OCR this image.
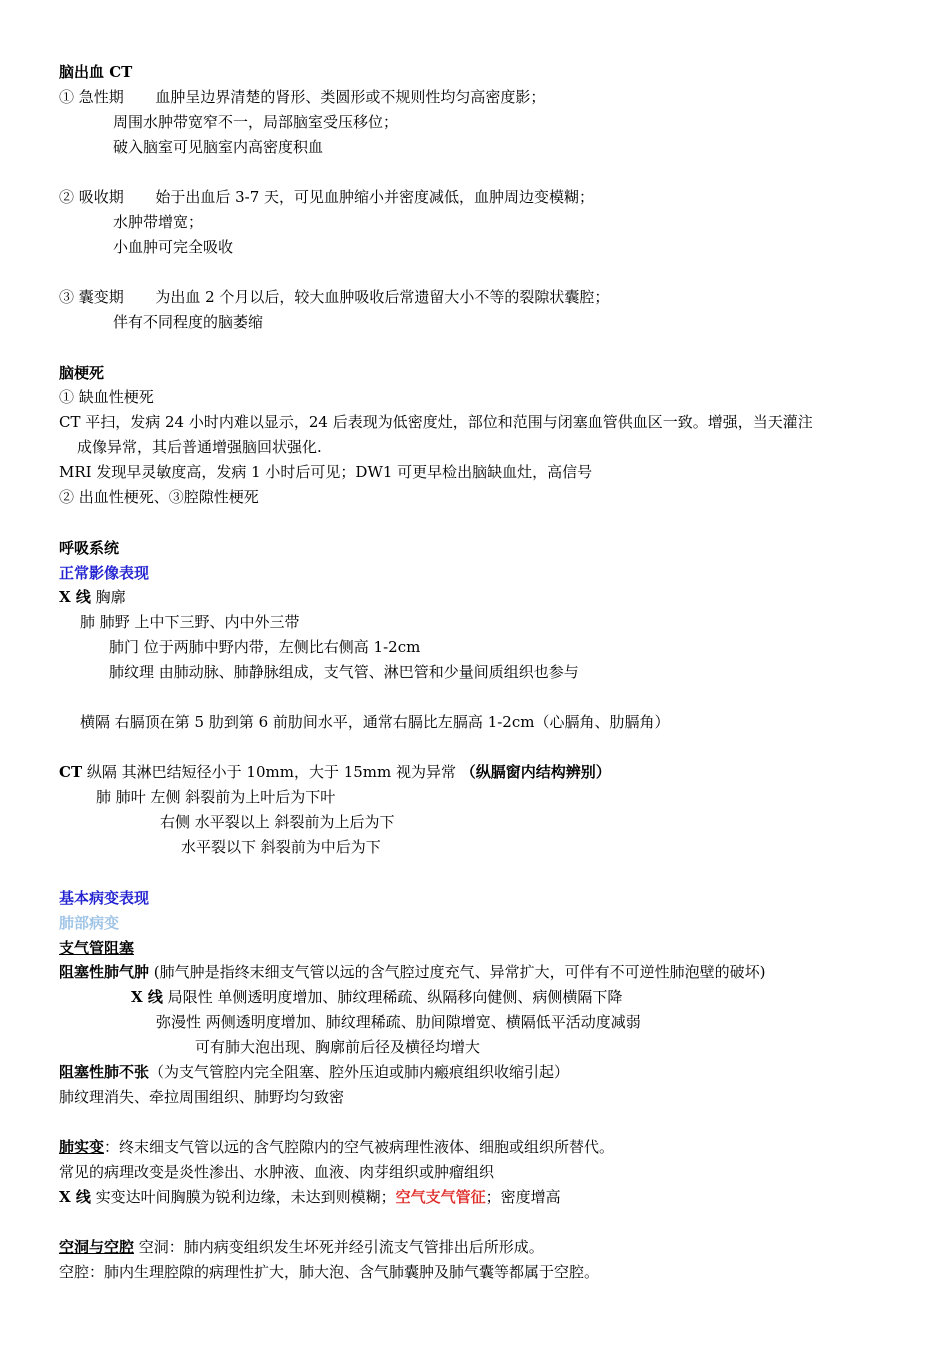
脑出血 CT
① 急性期 血肿呈边界清楚的肾形、类圆形或不规则性均匀高密度影；
周围水肿带宽窄不一，局部脑室受压移位；
破入脑室可见脑室内高密度积血
② 吸收期 始于出血后 3-7 天，可见血肿缩小并密度减低，血肿周边变模糊；
水肿带增宽；
小血肿可完全吸收
③ 囊变期 为出血 2 个月以后，较大血肿吸收后常遗留大小不等的裂隙状囊腔；
伴有不同程度的脑萎缩
脑梗死
① 缺血性梗死
CT 平扫，发病 24 小时内难以显示，24 后表现为低密度灶，部位和范围与闭塞血管供血区一致。增强，当天灌注
成像异常，其后普通增强脑回状强化.
MRI 发现早灵敏度高，发病 1 小时后可见；DW1 可更早检出脑缺血灶，高信号
② 出血性梗死、③腔隙性梗死
呼吸系统
正常影像表现
X 线 胸廓
肺 肺野 上中下三野、内中外三带
肺门 位于两肺中野内带，左侧比右侧高 1-2cm
肺纹理 由肺动脉、肺静脉组成，支气管、淋巴管和少量间质组织也参与
横隔 右膈顶在第 5 肋到第 6 前肋间水平，通常右膈比左膈高 1-2cm（心膈角、肋膈角）
CT 纵隔 其淋巴结短径小于 10mm，大于 15mm 视为异常 （纵膈窗内结构辨别）
肺 肺叶 左侧 斜裂前为上叶后为下叶
右侧 水平裂以上 斜裂前为上后为下
水平裂以下 斜裂前为中后为下
基本病变表现
肺部病变
支气管阻塞
阻塞性肺气肿 (肺气肿是指终末细支气管以远的含气腔过度充气、异常扩大，可伴有不可逆性肺泡壁的破坏)
X 线 局限性 单侧透明度增加、肺纹理稀疏、纵隔移向健侧、病侧横隔下降
弥漫性 两侧透明度增加、肺纹理稀疏、肋间隙增宽、横隔低平活动度减弱
可有肺大泡出现、胸廓前后径及横径均增大
阻塞性肺不张（为支气管腔内完全阻塞、腔外压迫或肺内瘢痕组织收缩引起）
肺纹理消失、牵拉周围组织、肺野均匀致密
肺实变：终末细支气管以远的含气腔隙内的空气被病理性液体、细胞或组织所替代。
常见的病理改变是炎性渗出、水肿液、血液、肉芽组织或肿瘤组织
X 线 实变达叶间胸膜为锐利边缘，未达到则模糊；空气支气管征；密度增高
空洞与空腔 空洞：肺内病变组织发生坏死并经引流支气管排出后所形成。
空腔：肺内生理腔隙的病理性扩大，肺大泡、含气肺囊肿及肺气囊等都属于空腔。
